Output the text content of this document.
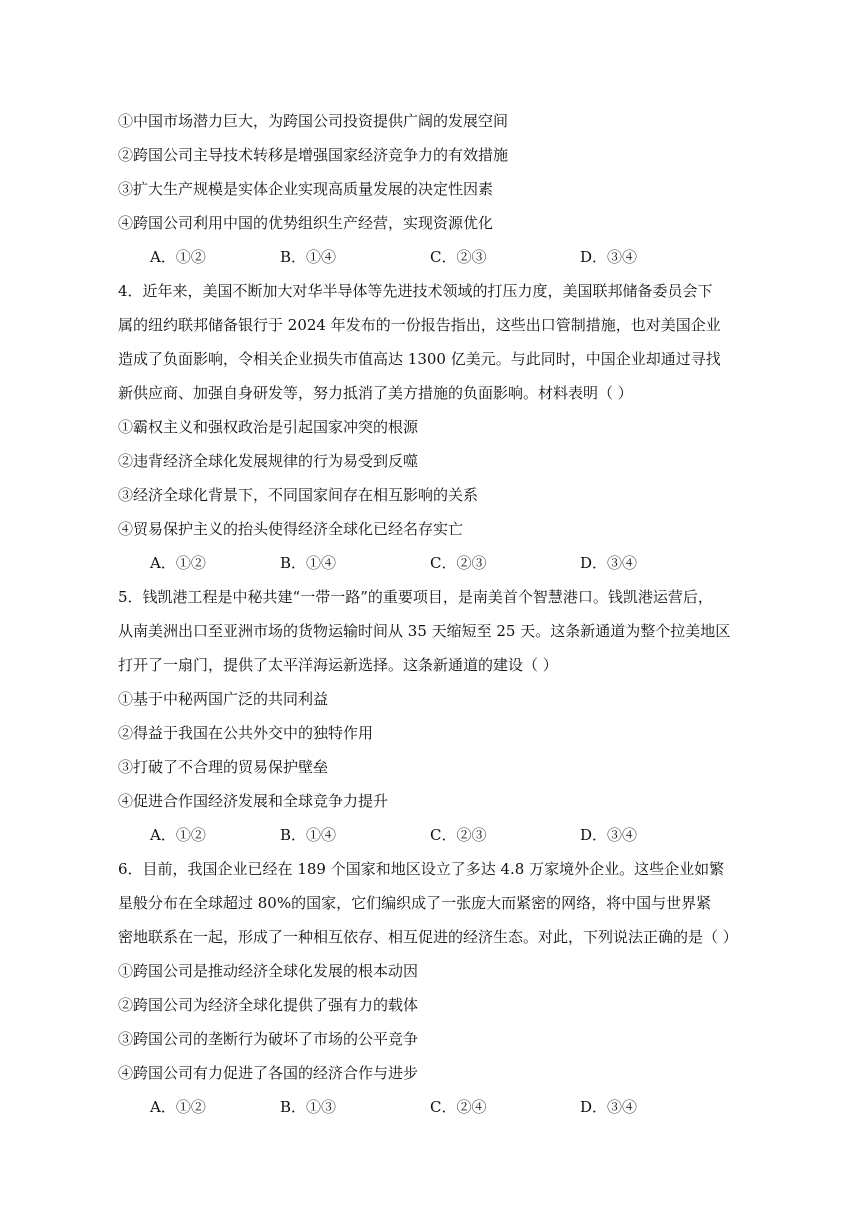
①中国市场潜力巨大，为跨国公司投资提供广阔的发展空间
②跨国公司主导技术转移是增强国家经济竞争力的有效措施
③扩大生产规模是实体企业实现高质量发展的决定性因素
④跨国公司利用中国的优势组织生产经营，实现资源优化
A．①②	B．①④	C．②③	D．③④
4．近年来，美国不断加大对华半导体等先进技术领域的打压力度，美国联邦储备委员会下
属的纽约联邦储备银行于 2024 年发布的一份报告指出，这些出口管制措施，也对美国企业
造成了负面影响，令相关企业损失市值高达 1300 亿美元。与此同时，中国企业却通过寻找
新供应商、加强自身研发等，努力抵消了美方措施的负面影响。材料表明（ ）
①霸权主义和强权政治是引起国家冲突的根源
②违背经济全球化发展规律的行为易受到反噬
③经济全球化背景下，不同国家间存在相互影响的关系
④贸易保护主义的抬头使得经济全球化已经名存实亡
A．①②	B．①④	C．②③	D．③④
5．钱凯港工程是中秘共建“一带一路”的重要项目，是南美首个智慧港口。钱凯港运营后，
从南美洲出口至亚洲市场的货物运输时间从 35 天缩短至 25 天。这条新通道为整个拉美地区
打开了一扇门，提供了太平洋海运新选择。这条新通道的建设（ ）
①基于中秘两国广泛的共同利益
②得益于我国在公共外交中的独特作用
③打破了不合理的贸易保护壁垒
④促进合作国经济发展和全球竞争力提升
A．①②	B．①④	C．②③	D．③④
6．目前，我国企业已经在 189 个国家和地区设立了多达 4.8 万家境外企业。这些企业如繁
星般分布在全球超过 80%的国家，它们编织成了一张庞大而紧密的网络，将中国与世界紧
密地联系在一起，形成了一种相互依存、相互促进的经济生态。对此，下列说法正确的是（ ）
①跨国公司是推动经济全球化发展的根本动因
②跨国公司为经济全球化提供了强有力的载体
③跨国公司的垄断行为破坏了市场的公平竞争
④跨国公司有力促进了各国的经济合作与进步
A．①②	B．①③	C．②④	D．③④
